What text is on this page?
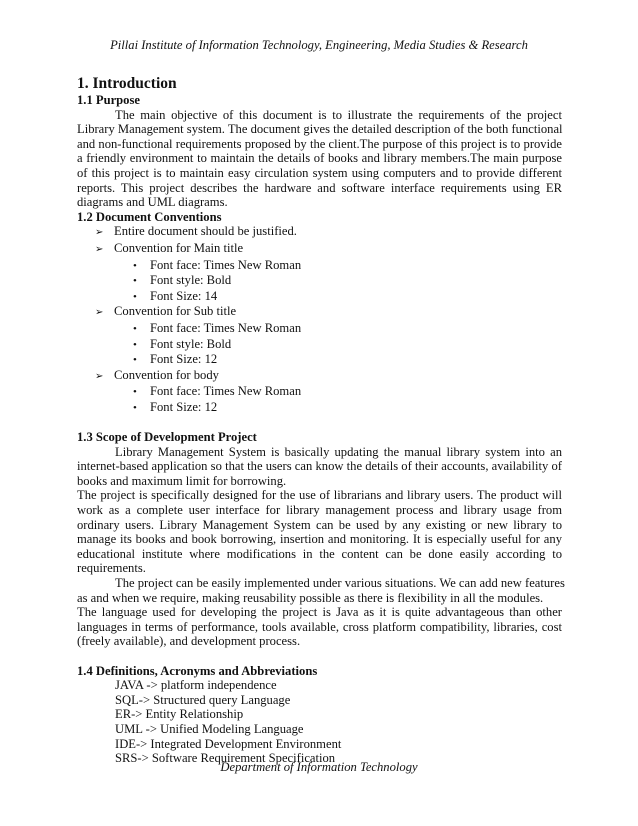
Pillai Institute of Information Technology, Engineering, Media Studies & Research
1. Introduction
1.1 Purpose
The main objective of this document is to illustrate the requirements of the project
Library Management system. The document gives the detailed description of the both functional
and non-functional requirements proposed by the client.The purpose of this project is to provide
a friendly environment to maintain the details of books and library members.The main purpose
of this project is to maintain easy circulation system using computers and to provide different
reports. This project describes the hardware and software interface requirements using ER
diagrams and UML diagrams.
1.2 Document Conventions
➢ Entire document should be justified.
➢ Convention for Main title
• Font face: Times New Roman
• Font style: Bold
• Font Size: 14
➢ Convention for Sub title
• Font face: Times New Roman
• Font style: Bold
• Font Size: 12
➢ Convention for body
• Font face: Times New Roman
• Font Size: 12
1.3 Scope of Development Project
Library Management System is basically updating the manual library system into an
internet-based application so that the users can know the details of their accounts, availability of
books and maximum limit for borrowing.
The project is specifically designed for the use of librarians and library users. The product will
work as a complete user interface for library management process and library usage from
ordinary users. Library Management System can be used by any existing or new library to
manage its books and book borrowing, insertion and monitoring. It is especially useful for any
educational institute where modifications in the content can be done easily according to
requirements.
The project can be easily implemented under various situations. We can add new features
as and when we require, making reusability possible as there is flexibility in all the modules.
The language used for developing the project is Java as it is quite advantageous than other
languages in terms of performance, tools available, cross platform compatibility, libraries, cost
(freely available), and development process.
1.4 Definitions, Acronyms and Abbreviations
JAVA -> platform independence
SQL-> Structured query Language
ER-> Entity Relationship
UML -> Unified Modeling Language
IDE-> Integrated Development Environment
SRS-> Software Requirement Specification
Department of Information Technology
